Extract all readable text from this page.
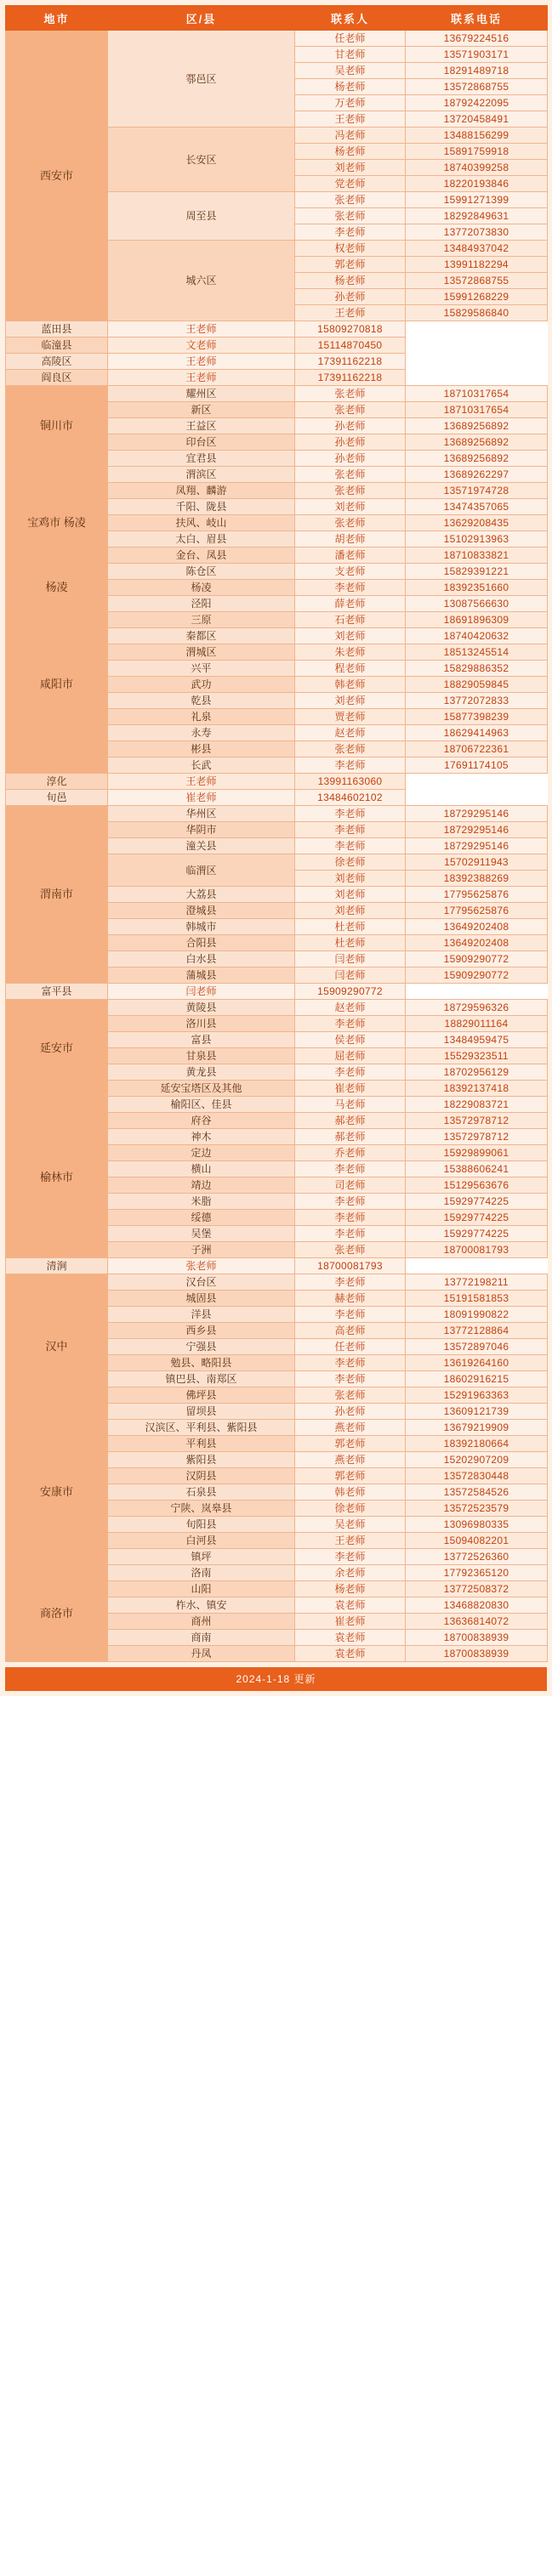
地市	区/县	联系人	联系电话
西安市	鄠邑区	任老师	13679224516
		甘老师	13571903171
		吴老师	18291489718
		杨老师	13572868755
		万老师	18792422095
		王老师	13720458491
	长安区	冯老师	13488156299
		杨老师	15891759918
		刘老师	18740399258
		党老师	18220193846
	周至县	张老师	15991271399
		张老师	18292849631
		李老师	13772073830
	城六区	权老师	13484937042
		郭老师	13991182294
		杨老师	13572868755
		孙老师	15991268229
		王老师	15829586840
蓝田县	王老师	15809270818	
临潼县	文老师	15114870450	
高陵区	王老师	17391162218	
阎良区	王老师	17391162218	
铜川市	耀州区	张老师	18710317654
	新区	张老师	18710317654
	王益区	孙老师	13689256892
	印台区	孙老师	13689256892
	宜君县	孙老师	13689256892
宝鸡市 杨凌	渭滨区	张老师	13689262297
	凤翔、麟游	张老师	13571974728
	千阳、陇县	刘老师	13474357065
	扶风、岐山	张老师	13629208435
	太白、眉县	胡老师	15102913963
	金台、凤县	潘老师	18710833821
	陈仓区	支老师	15829391221
杨凌	杨凌	李老师	18392351660
咸阳市	泾阳	薛老师	13087566630
	三原	石老师	18691896309
	秦都区	刘老师	18740420632
	渭城区	朱老师	18513245514
	兴平	程老师	15829886352
	武功	韩老师	18829059845
	乾县	刘老师	13772072833
	礼泉	贾老师	15877398239
	永寿	赵老师	18629414963
	彬县	张老师	18706722361
	长武	李老师	17691174105
淳化	王老师	13991163060	
旬邑	崔老师	13484602102	
渭南市	华州区	李老师	18729295146
	华阴市	李老师	18729295146
	潼关县	李老师	18729295146
	临渭区	徐老师	15702911943
		刘老师	18392388269
	大荔县	刘老师	17795625876
	澄城县	刘老师	17795625876
	韩城市	杜老师	13649202408
	合阳县	杜老师	13649202408
	白水县	闫老师	15909290772
	蒲城县	闫老师	15909290772
富平县	闫老师	15909290772	
延安市	黄陵县	赵老师	18729596326
	洛川县	李老师	18829011164
	富县	侯老师	13484959475
	甘泉县	屈老师	15529323511
	黄龙县	李老师	18702956129
	延安宝塔区及其他	崔老师	18392137418
榆林市	榆阳区、佳县	马老师	18229083721
	府谷	郝老师	13572978712
	神木	郝老师	13572978712
	定边	乔老师	15929899061
	横山	李老师	15388606241
	靖边	司老师	15129563676
	米脂	李老师	15929774225
	绥德	李老师	15929774225
	吴堡	李老师	15929774225
	子洲	张老师	18700081793
清涧	张老师	18700081793	
汉中	汉台区	李老师	13772198211
	城固县	赫老师	15191581853
	洋县	李老师	18091990822
	西乡县	高老师	13772128864
	宁强县	任老师	13572897046
	勉县、略阳县	李老师	13619264160
	镇巴县、南郑区	李老师	18602916215
	佛坪县	张老师	15291963363
	留坝县	孙老师	13609121739
安康市	汉滨区、平利县、紫阳县	燕老师	13679219909
	平利县	郭老师	18392180664
	紫阳县	燕老师	15202907209
	汉阴县	郭老师	13572830448
	石泉县	韩老师	13572584526
	宁陕、岚皋县	徐老师	13572523579
	旬阳县	吴老师	13096980335
	白河县	王老师	15094082201
	镇坪	李老师	13772526360
商洛市	洛南	余老师	17792365120
	山阳	杨老师	13772508372
	柞水、镇安	袁老师	13468820830
	商州	崔老师	13636814072
	商南	袁老师	18700838939
	丹凤	袁老师	18700838939
2024-1-18 更新
